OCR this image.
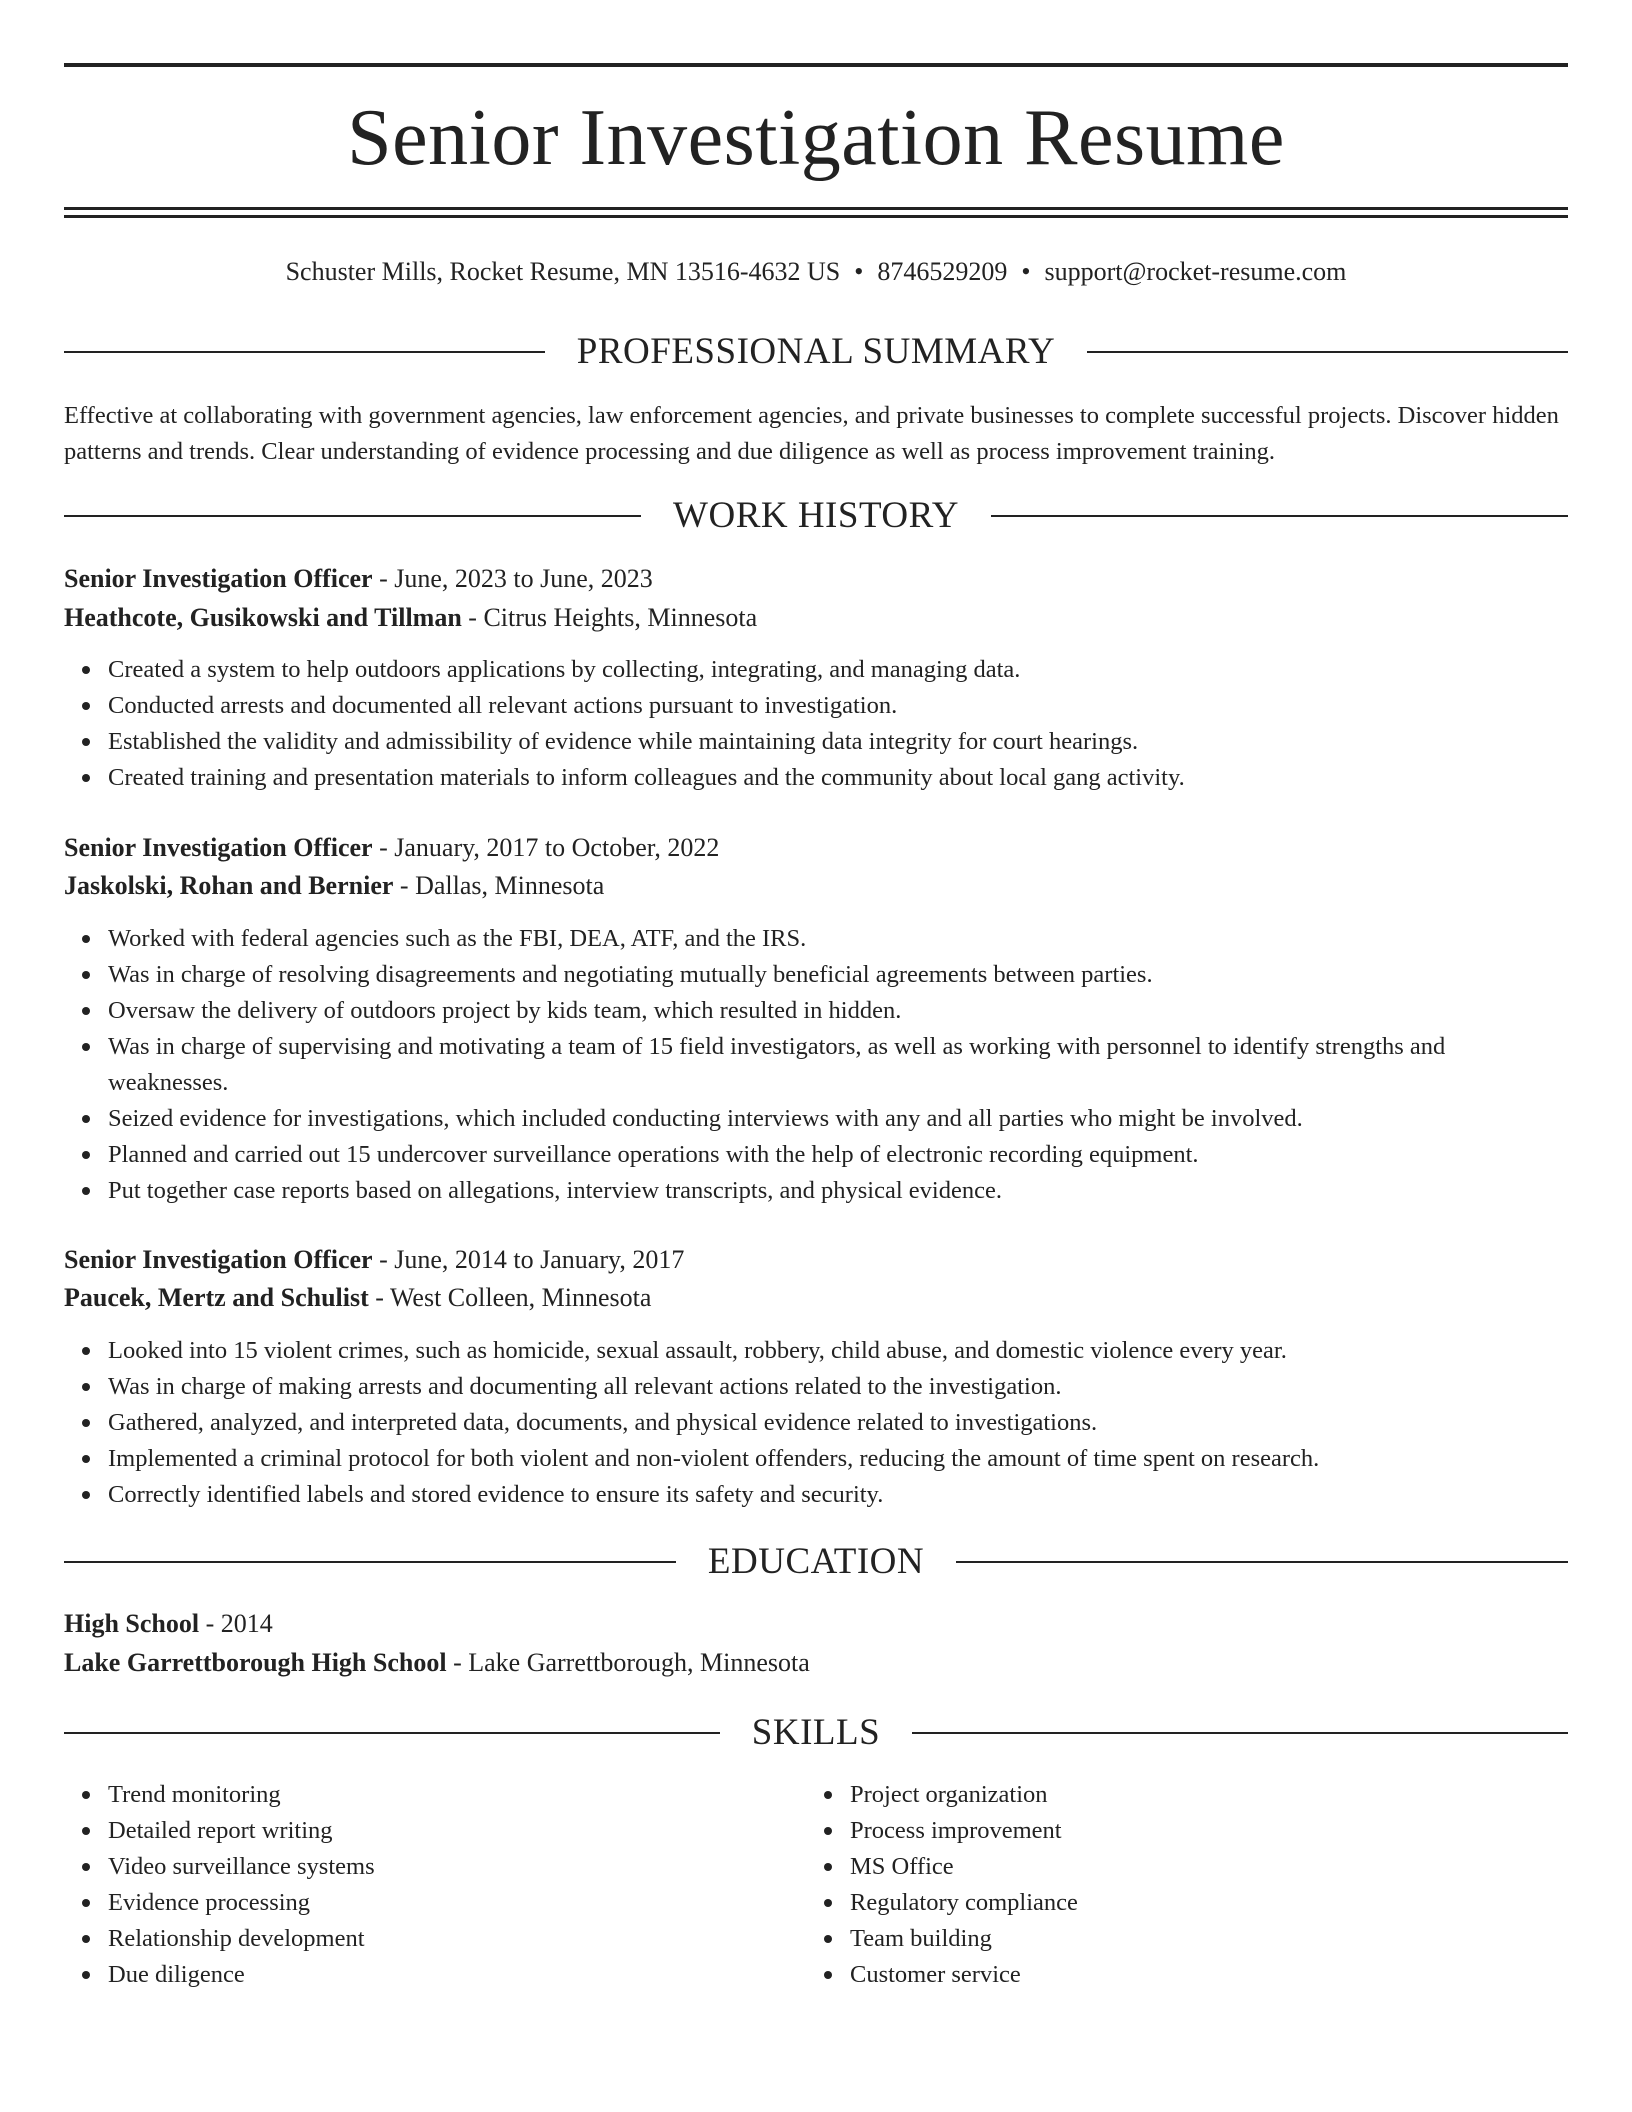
Senior Investigation Resume
Schuster Mills, Rocket Resume, MN 13516-4632 US • 8746529209 • support@rocket-resume.com
PROFESSIONAL SUMMARY
Effective at collaborating with government agencies, law enforcement agencies, and private businesses to complete successful projects. Discover hidden patterns and trends. Clear understanding of evidence processing and due diligence as well as process improvement training.
WORK HISTORY
Senior Investigation Officer - June, 2023 to June, 2023
Heathcote, Gusikowski and Tillman - Citrus Heights, Minnesota
Created a system to help outdoors applications by collecting, integrating, and managing data.
Conducted arrests and documented all relevant actions pursuant to investigation.
Established the validity and admissibility of evidence while maintaining data integrity for court hearings.
Created training and presentation materials to inform colleagues and the community about local gang activity.
Senior Investigation Officer - January, 2017 to October, 2022
Jaskolski, Rohan and Bernier - Dallas, Minnesota
Worked with federal agencies such as the FBI, DEA, ATF, and the IRS.
Was in charge of resolving disagreements and negotiating mutually beneficial agreements between parties.
Oversaw the delivery of outdoors project by kids team, which resulted in hidden.
Was in charge of supervising and motivating a team of 15 field investigators, as well as working with personnel to identify strengths and weaknesses.
Seized evidence for investigations, which included conducting interviews with any and all parties who might be involved.
Planned and carried out 15 undercover surveillance operations with the help of electronic recording equipment.
Put together case reports based on allegations, interview transcripts, and physical evidence.
Senior Investigation Officer - June, 2014 to January, 2017
Paucek, Mertz and Schulist - West Colleen, Minnesota
Looked into 15 violent crimes, such as homicide, sexual assault, robbery, child abuse, and domestic violence every year.
Was in charge of making arrests and documenting all relevant actions related to the investigation.
Gathered, analyzed, and interpreted data, documents, and physical evidence related to investigations.
Implemented a criminal protocol for both violent and non-violent offenders, reducing the amount of time spent on research.
Correctly identified labels and stored evidence to ensure its safety and security.
EDUCATION
High School - 2014
Lake Garrettborough High School - Lake Garrettborough, Minnesota
SKILLS
Trend monitoring
Detailed report writing
Video surveillance systems
Evidence processing
Relationship development
Due diligence
Project organization
Process improvement
MS Office
Regulatory compliance
Team building
Customer service
